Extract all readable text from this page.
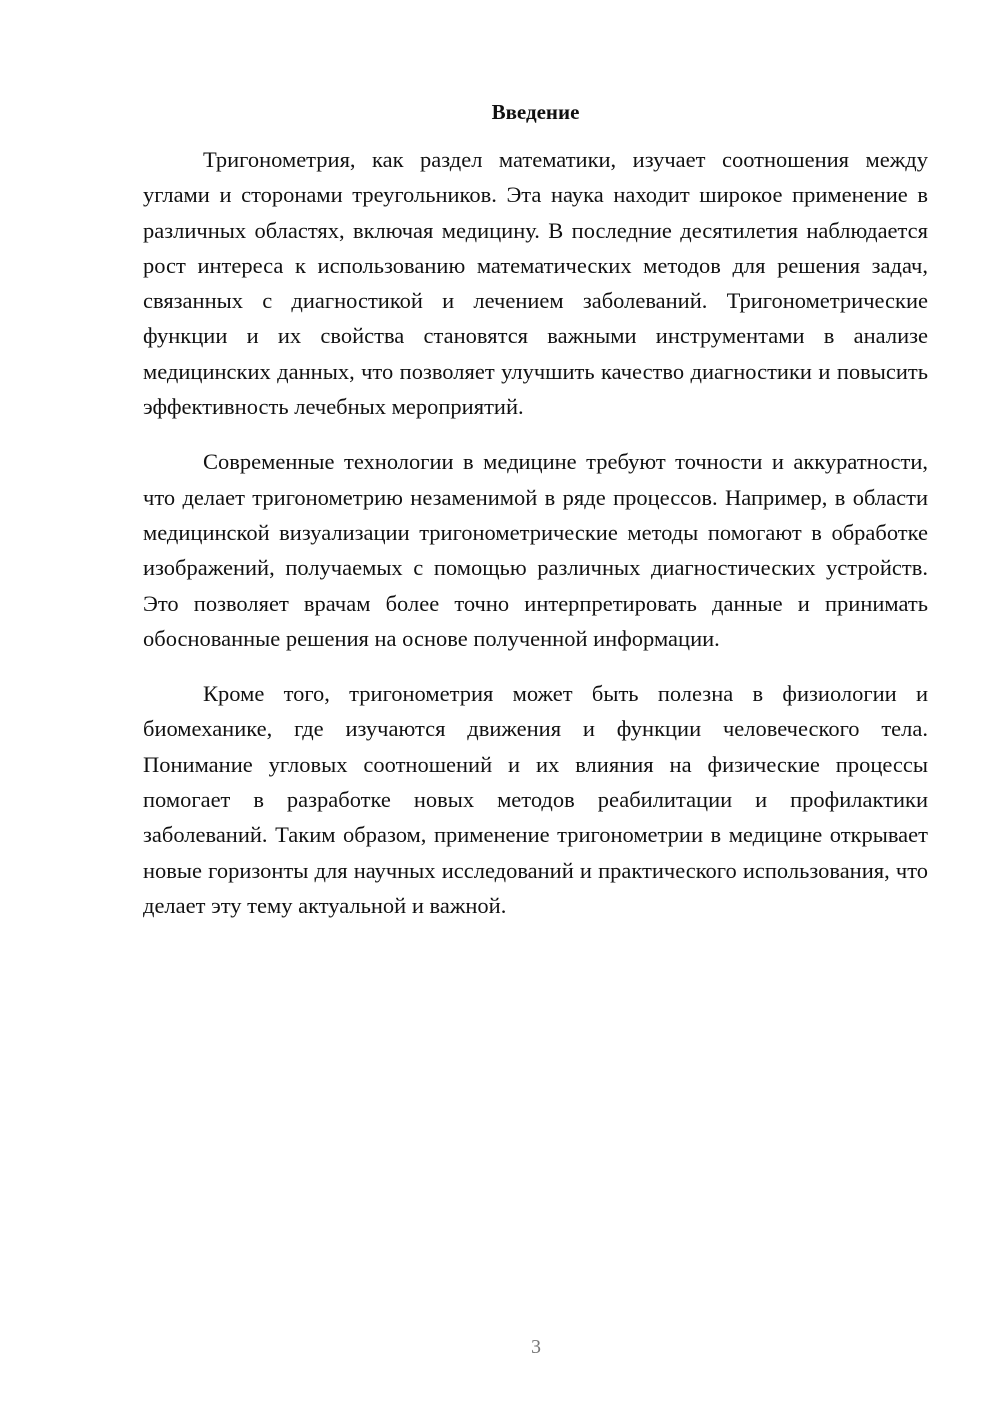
Введение

Тригонометрия, как раздел математики, изучает соотношения между углами и сторонами треугольников. Эта наука находит широкое применение в различных областях, включая медицину. В последние десятилетия наблюдается рост интереса к использованию математических методов для решения задач, связанных с диагностикой и лечением заболеваний. Тригонометрические функции и их свойства становятся важными инструментами в анализе медицинских данных, что позволяет улучшить качество диагностики и повысить эффективность лечебных мероприятий.

Современные технологии в медицине требуют точности и аккуратности, что делает тригонометрию незаменимой в ряде процессов. Например, в области медицинской визуализации тригонометрические методы помогают в обработке изображений, получаемых с помощью различных диагностических устройств. Это позволяет врачам более точно интерпретировать данные и принимать обоснованные решения на основе полученной информации.

Кроме того, тригонометрия может быть полезна в физиологии и биомеханике, где изучаются движения и функции человеческого тела. Понимание угловых соотношений и их влияния на физические процессы помогает в разработке новых методов реабилитации и профилактики заболеваний. Таким образом, применение тригонометрии в медицине открывает новые горизонты для научных исследований и практического использования, что делает эту тему актуальной и важной.

3
